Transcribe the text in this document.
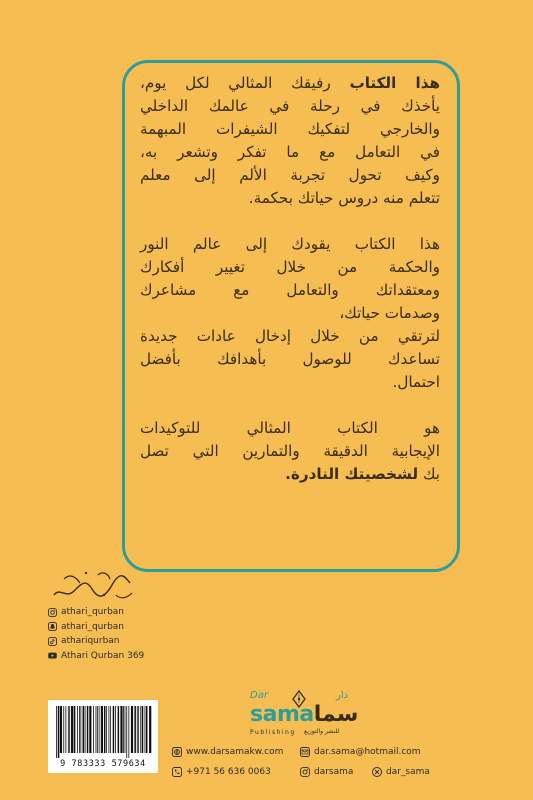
هذا الكتاب رفيقك المثالي لكل يوم،
يأخذك في رحلة في عالمك الداخلي
والخارجي لتفكيك الشيفرات المبهمة
في التعامل مع ما تفكر وتشعر به،
وكيف تحول تجربة الألم إلى معلم
تتعلم منه دروس حياتك بحكمة.

هذا الكتاب يقودك إلى عالم النور
والحكمة من خلال تغيير أفكارك
ومعتقداتك والتعامل مع مشاعرك
وصدمات حياتك،
لترتقي من خلال إدخال عادات جديدة
تساعدك للوصول بأهدافك بأفضل
احتمال.

هو الكتاب المثالي للتوكيدات
الإيجابية الدقيقة والتمارين التي تصل
بك لشخصيتك النادرة.

عذاري قربان
athari_qurban
athari_qurban
athariqurban
Athari Qurban 369
Dar	دار
samaسما
Publishing للنشر والتوزيع
9 783333 579634
www.darsamakw.com	dar.sama@hotmail.com
+971 56 636 0063	darsama	dar_sama
